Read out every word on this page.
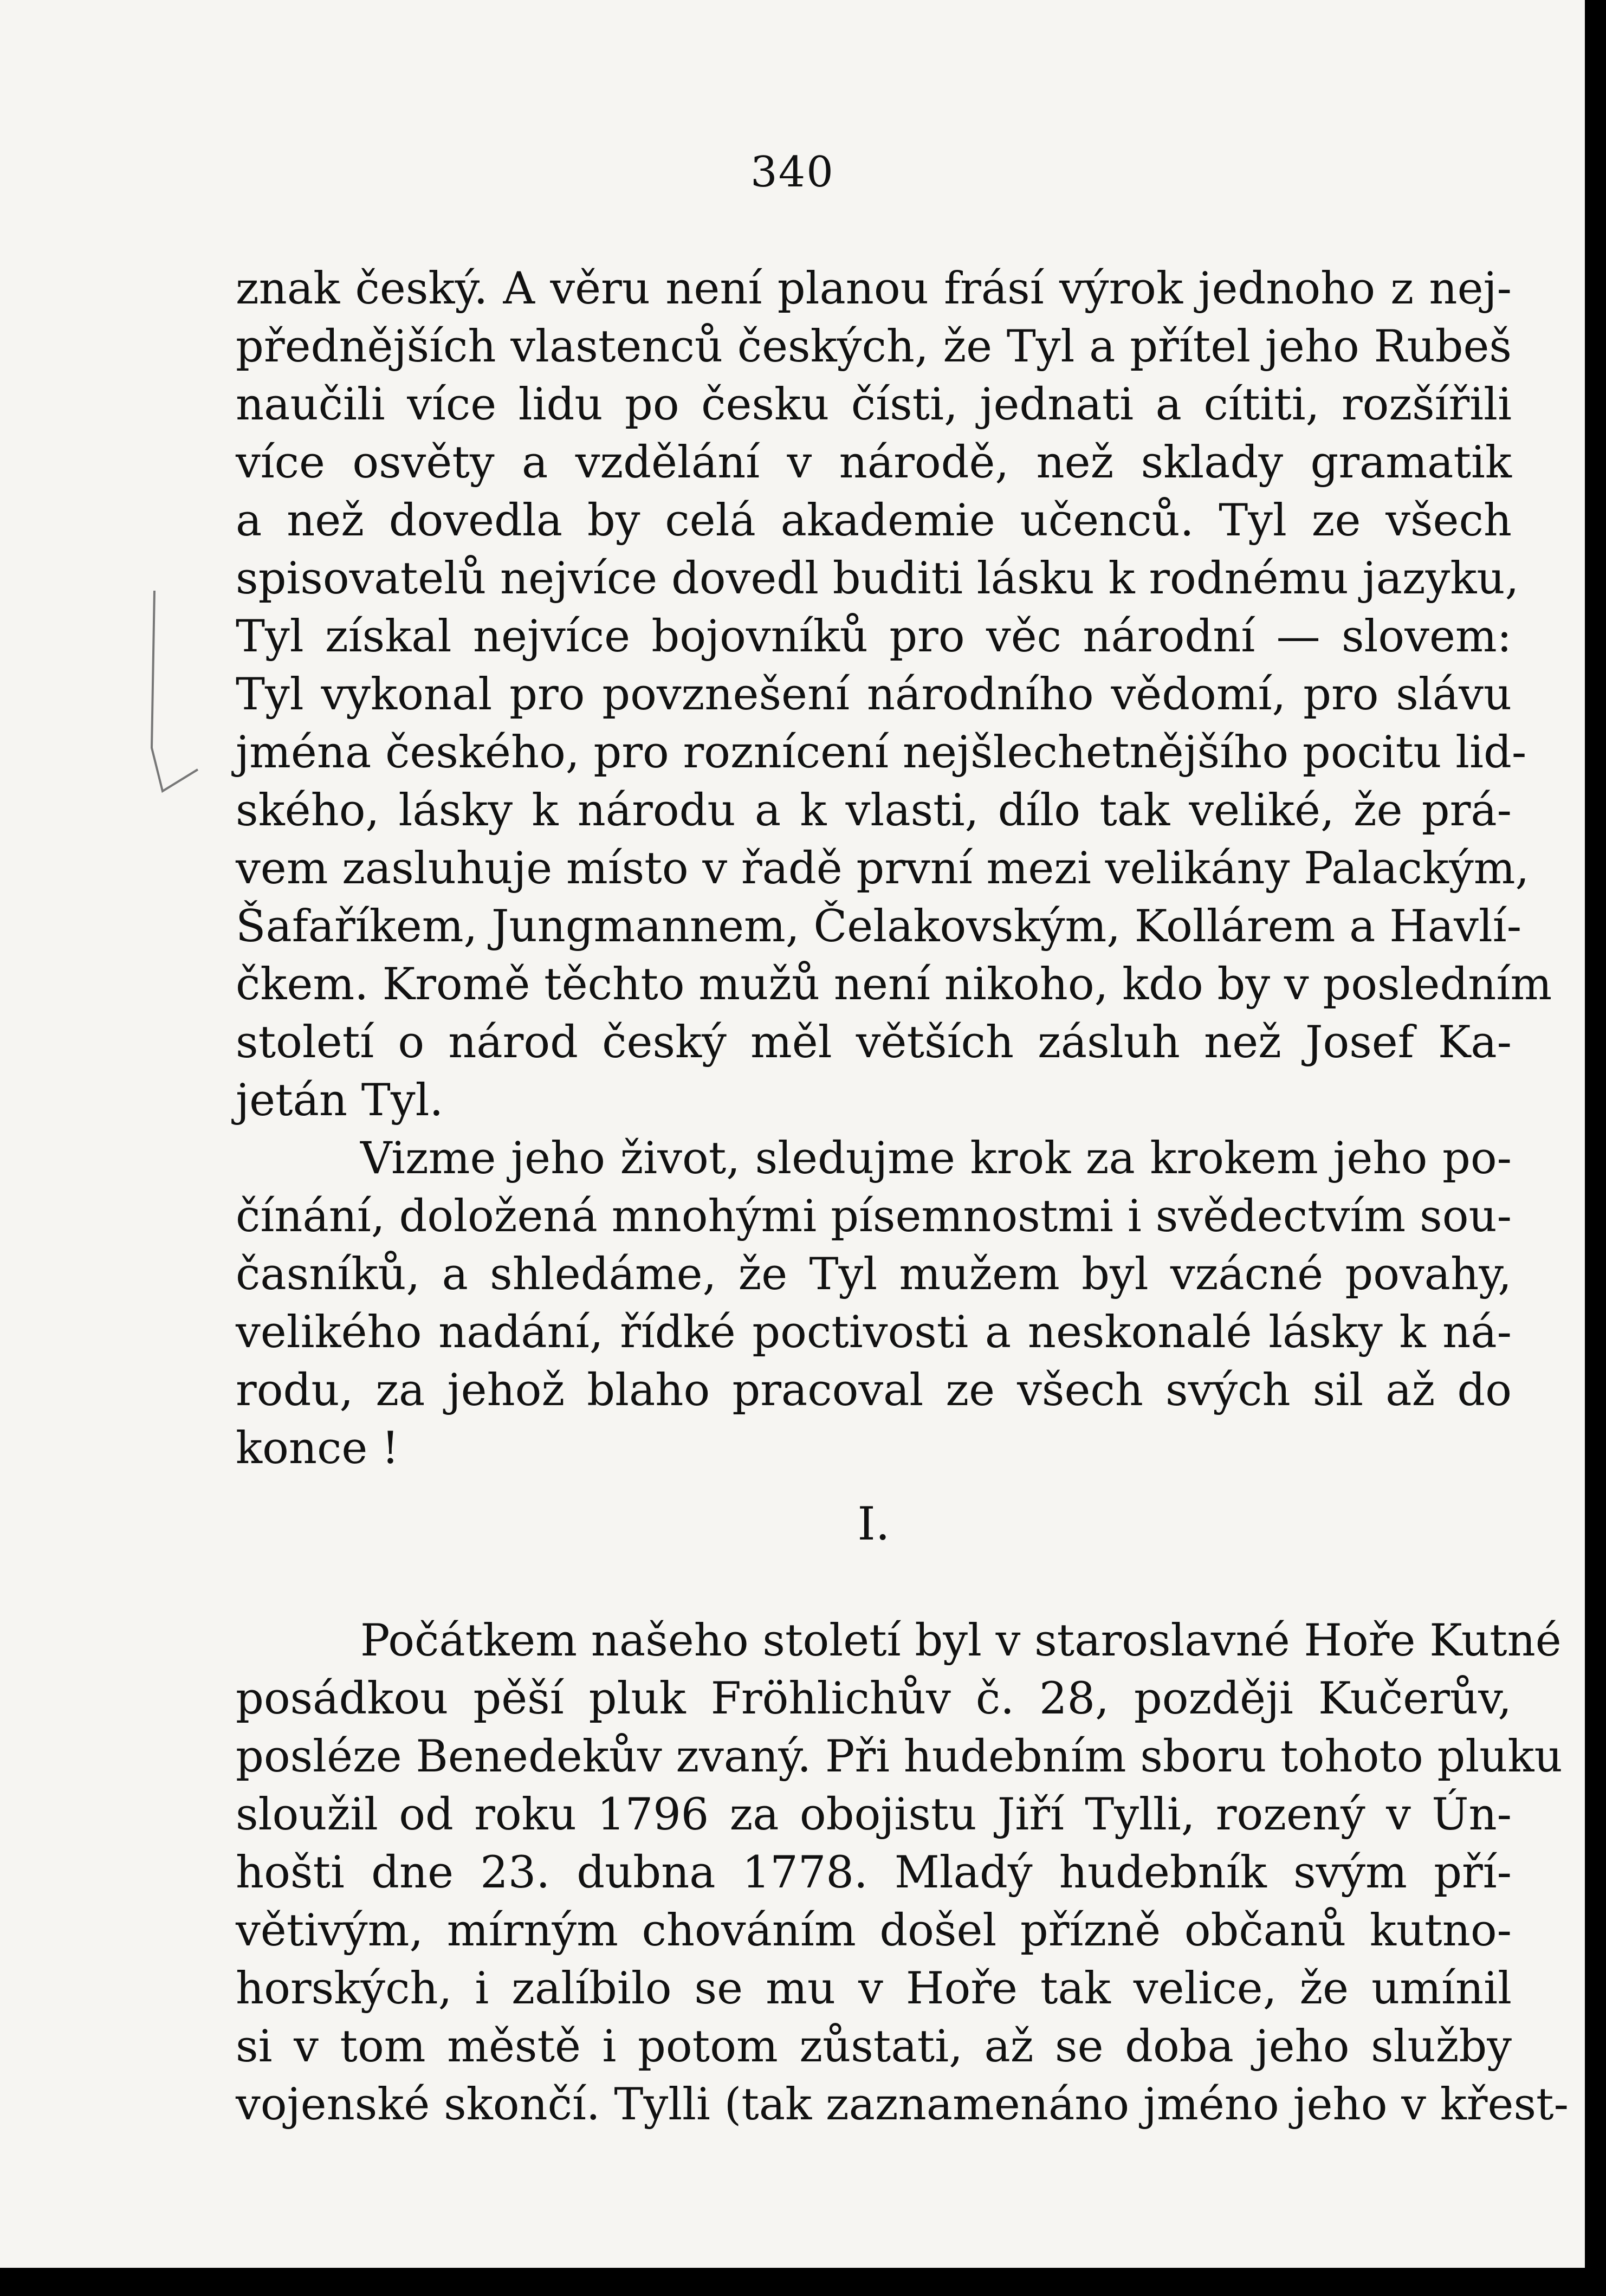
340
znak český. A věru není planou frásí výrok jednoho z nej-
přednějších vlastenců českých, že Tyl a přítel jeho Rubeš
naučili více lidu po česku čísti, jednati a cítiti, rozšířili
více osvěty a vzdělání v národě, než sklady gramatik
a než dovedla by celá akademie učenců. Tyl ze všech
spisovatelů nejvíce dovedl buditi lásku k rodnému jazyku,
Tyl získal nejvíce bojovníků pro věc národní — slovem:
Tyl vykonal pro povznešení národního vědomí, pro slávu
jména českého, pro roznícení nejšlechetnějšího pocitu lid-
ského, lásky k národu a k vlasti, dílo tak veliké, že prá-
vem zasluhuje místo v řadě první mezi velikány Palackým,
Šafaříkem, Jungmannem, Čelakovským, Kollárem a Havlí-
čkem. Kromě těchto mužů není nikoho, kdo by v posledním
století o národ český měl větších zásluh než Josef Ka-
jetán Tyl.
Vizme jeho život, sledujme krok za krokem jeho po-
čínání, doložená mnohými písemnostmi i svědectvím sou-
časníků, a shledáme, že Tyl mužem byl vzácné povahy,
velikého nadání, řídké poctivosti a neskonalé lásky k ná-
rodu, za jehož blaho pracoval ze všech svých sil až do
konce !
I.
Počátkem našeho století byl v staroslavné Hoře Kutné
posádkou pěší pluk Fröhlichův č. 28, později Kučerův,
posléze Benedekův zvaný. Při hudebním sboru tohoto pluku
sloužil od roku 1796 za obojistu Jiří Tylli, rozený v Ún-
hošti dne 23. dubna 1778. Mladý hudebník svým pří-
větivým, mírným chováním došel přízně občanů kutno-
horských, i zalíbilo se mu v Hoře tak velice, že umínil
si v tom městě i potom zůstati, až se doba jeho služby
vojenské skončí. Tylli (tak zaznamenáno jméno jeho v křest-
